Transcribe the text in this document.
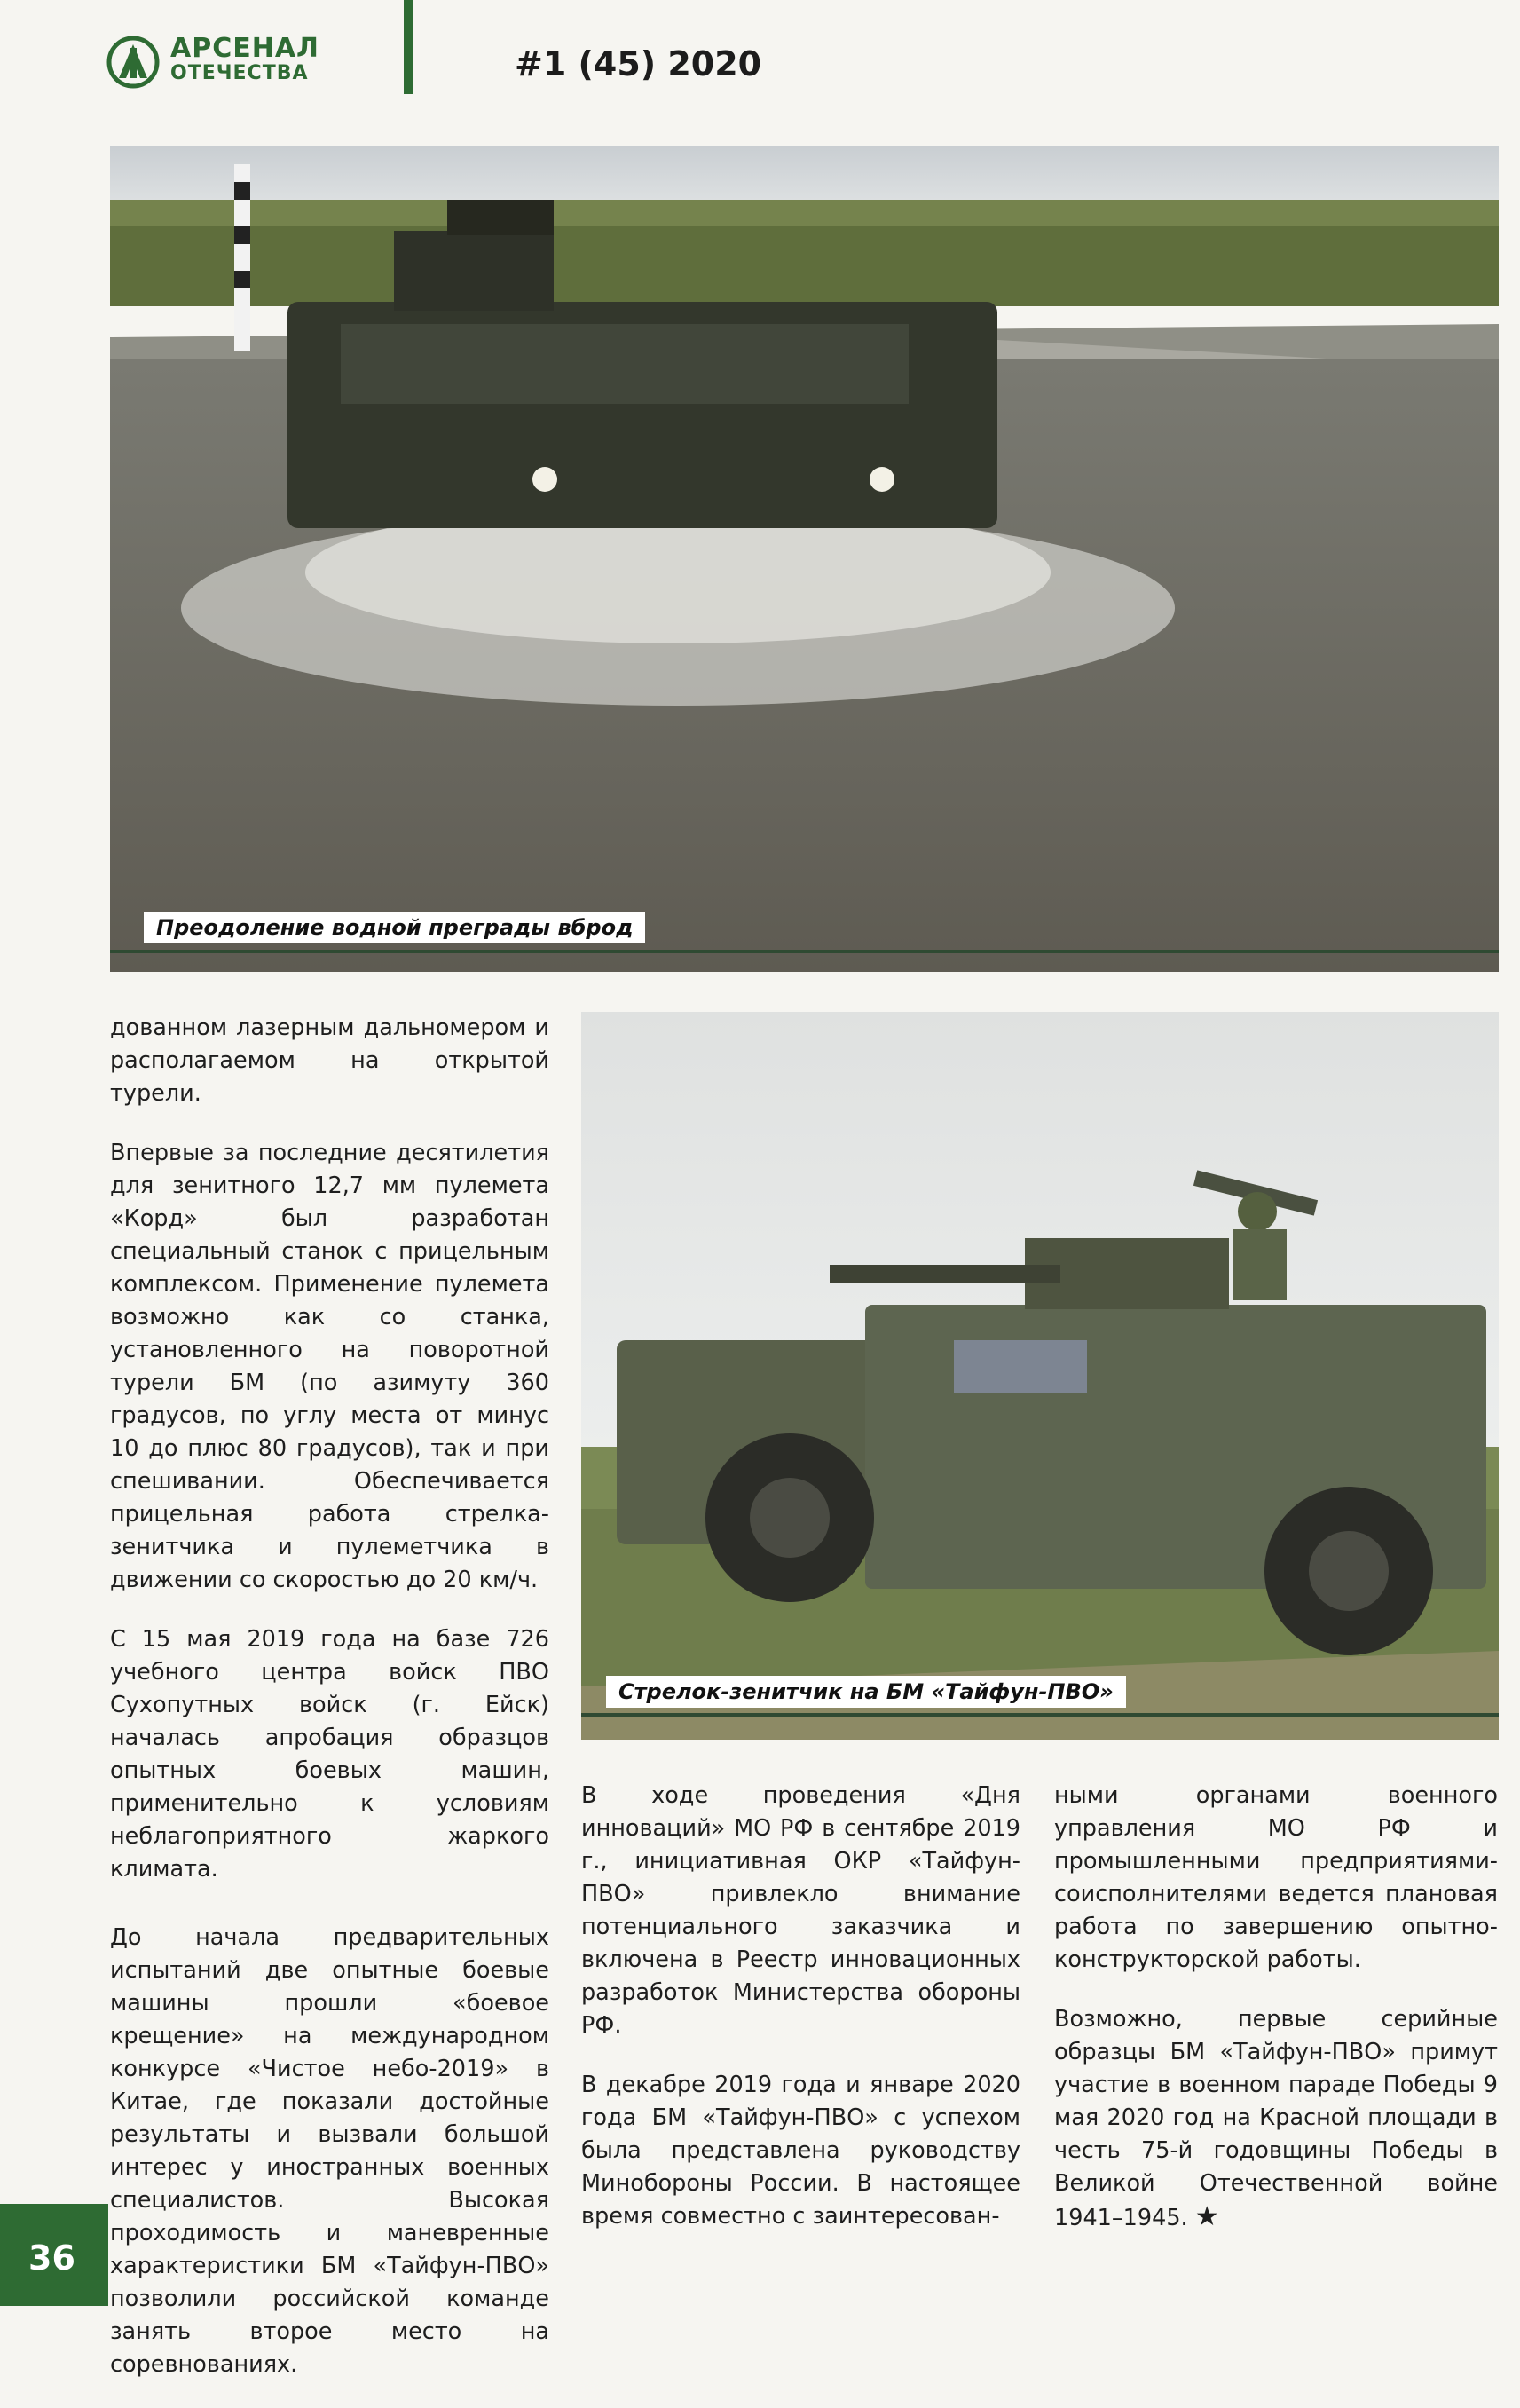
АРСЕНАЛ
ОТЕЧЕСТВА	#1 (45) 2020
Преодоление водной преграды вброд
Стрелок-зенитчик на БМ «Тайфун-ПВО»

дованном лазерным дальномером и располагаемом на открытой турели.

Впервые за последние десятилетия для зенитного 12,7 мм пулемета «Корд» был разработан специальный станок с прицельным комплексом. Применение пулемета возможно как со станка, установленного на поворотной турели БМ (по азимуту 360 градусов, по углу места от минус 10 до плюс 80 градусов), так и при спешивании. Обеспечивается прицельная работа стрелка-зенитчика и пулеметчика в движении со скоростью до 20 км/ч.

С 15 мая 2019 года на базе 726 учебного центра войск ПВО Сухопутных войск (г. Ейск) началась апробация образцов опытных боевых машин, применительно к условиям неблагоприятного жаркого климата.

До начала предварительных испытаний две опытные боевые машины прошли «боевое крещение» на международном конкурсе «Чистое небо-2019» в Китае, где показали достойные результаты и вызвали большой интерес у иностранных военных специалистов. Высокая проходимость и маневренные характеристики БМ «Тайфун-ПВО» позволили российской команде занять второе место на соревнованиях.

В ходе проведения «Дня инноваций» МО РФ в сентябре 2019 г., инициативная ОКР «Тайфун-ПВО» привлекло внимание потенциального заказчика и включена в Реестр инновационных разработок Министерства обороны РФ.

В декабре 2019 года и январе 2020 года БМ «Тайфун-ПВО» с успехом была представлена руководству Минобороны России. В настоящее время совместно с заинтересован-

ными органами военного управления МО РФ и промышленными предприятиями-соисполнителями ведется плановая работа по завершению опытно-конструкторской работы.

Возможно, первые серийные образцы БМ «Тайфун-ПВО» примут участие в военном параде Победы 9 мая 2020 год на Красной площади в честь 75-й годовщины Победы в Великой Отечественной войне 1941–1945. ★

36
